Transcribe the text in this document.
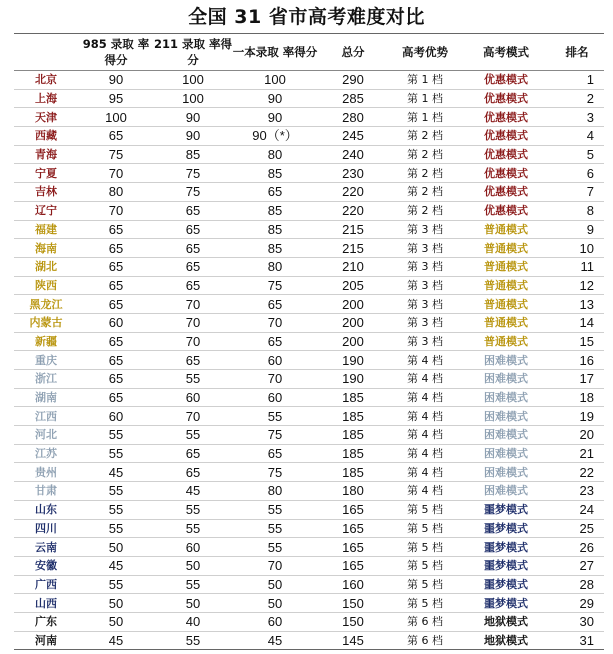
全国 31 省市高考难度对比
	985 录取 率得分	211 录取 率得分	一本录取 率得分	总分	高考优势	高考模式	排名
北京	90	100	100	290	第 1 档	优惠模式	1
上海	95	100	90	285	第 1 档	优惠模式	2
天津	100	90	90	280	第 1 档	优惠模式	3
西藏	65	90	90（*）	245	第 2 档	优惠模式	4
青海	75	85	80	240	第 2 档	优惠模式	5
宁夏	70	75	85	230	第 2 档	优惠模式	6
吉林	80	75	65	220	第 2 档	优惠模式	7
辽宁	70	65	85	220	第 2 档	优惠模式	8
福建	65	65	85	215	第 3 档	普通模式	9
海南	65	65	85	215	第 3 档	普通模式	10
湖北	65	65	80	210	第 3 档	普通模式	11
陕西	65	65	75	205	第 3 档	普通模式	12
黑龙江	65	70	65	200	第 3 档	普通模式	13
内蒙古	60	70	70	200	第 3 档	普通模式	14
新疆	65	70	65	200	第 3 档	普通模式	15
重庆	65	65	60	190	第 4 档	困难模式	16
浙江	65	55	70	190	第 4 档	困难模式	17
湖南	65	60	60	185	第 4 档	困难模式	18
江西	60	70	55	185	第 4 档	困难模式	19
河北	55	55	75	185	第 4 档	困难模式	20
江苏	55	65	65	185	第 4 档	困难模式	21
贵州	45	65	75	185	第 4 档	困难模式	22
甘肃	55	45	80	180	第 4 档	困难模式	23
山东	55	55	55	165	第 5 档	噩梦模式	24
四川	55	55	55	165	第 5 档	噩梦模式	25
云南	50	60	55	165	第 5 档	噩梦模式	26
安徽	45	50	70	165	第 5 档	噩梦模式	27
广西	55	55	50	160	第 5 档	噩梦模式	28
山西	50	50	50	150	第 5 档	噩梦模式	29
广东	50	40	60	150	第 6 档	地狱模式	30
河南	45	55	45	145	第 6 档	地狱模式	31
